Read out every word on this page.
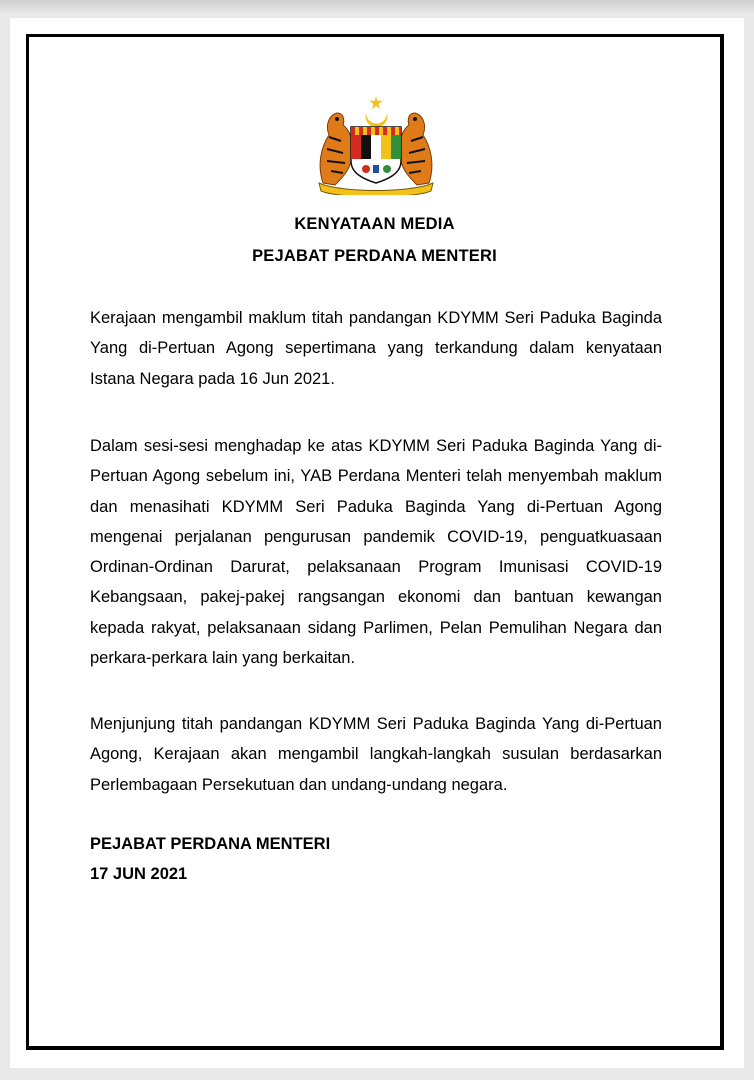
KENYATAAN MEDIA
PEJABAT PERDANA MENTERI

Kerajaan mengambil maklum titah pandangan KDYMM Seri Paduka Baginda Yang di-Pertuan Agong sepertimana yang terkandung dalam kenyataan Istana Negara pada 16 Jun 2021.

Dalam sesi-sesi menghadap ke atas KDYMM Seri Paduka Baginda Yang di-Pertuan Agong sebelum ini, YAB Perdana Menteri telah menyembah maklum dan menasihati KDYMM Seri Paduka Baginda Yang di-Pertuan Agong mengenai perjalanan pengurusan pandemik COVID-19, penguatkuasaan Ordinan-Ordinan Darurat, pelaksanaan Program Imunisasi COVID-19 Kebangsaan, pakej-pakej rangsangan ekonomi dan bantuan kewangan kepada rakyat, pelaksanaan sidang Parlimen, Pelan Pemulihan Negara dan perkara-perkara lain yang berkaitan.

Menjunjung titah pandangan KDYMM Seri Paduka Baginda Yang di-Pertuan Agong, Kerajaan akan mengambil langkah-langkah susulan berdasarkan Perlembagaan Persekutuan dan undang-undang negara.

PEJABAT PERDANA MENTERI
17 JUN 2021
